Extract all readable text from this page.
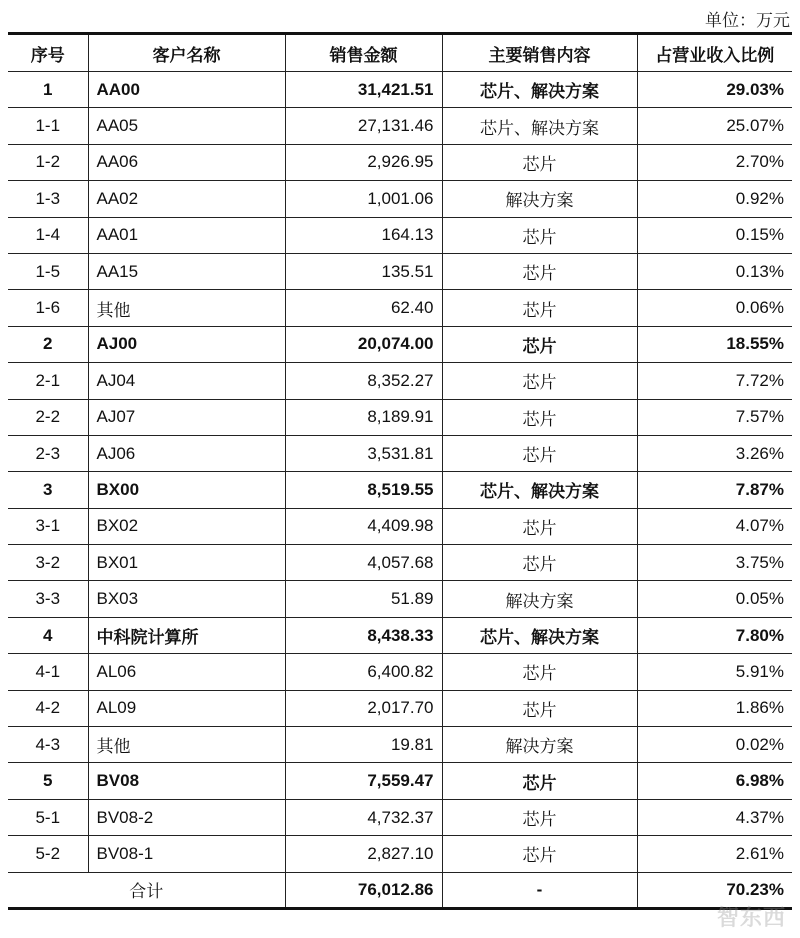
单位：万元
序号	客户名称	销售金额	主要销售内容	占营业收入比例
1	AA00	31,421.51	芯片、解决方案	29.03%
1-1	AA05	27,131.46	芯片、解决方案	25.07%
1-2	AA06	2,926.95	芯片	2.70%
1-3	AA02	1,001.06	解决方案	0.92%
1-4	AA01	164.13	芯片	0.15%
1-5	AA15	135.51	芯片	0.13%
1-6	其他	62.40	芯片	0.06%
2	AJ00	20,074.00	芯片	18.55%
2-1	AJ04	8,352.27	芯片	7.72%
2-2	AJ07	8,189.91	芯片	7.57%
2-3	AJ06	3,531.81	芯片	3.26%
3	BX00	8,519.55	芯片、解决方案	7.87%
3-1	BX02	4,409.98	芯片	4.07%
3-2	BX01	4,057.68	芯片	3.75%
3-3	BX03	51.89	解决方案	0.05%
4	中科院计算所	8,438.33	芯片、解决方案	7.80%
4-1	AL06	6,400.82	芯片	5.91%
4-2	AL09	2,017.70	芯片	1.86%
4-3	其他	19.81	解决方案	0.02%
5	BV08	7,559.47	芯片	6.98%
5-1	BV08-2	4,732.37	芯片	4.37%
5-2	BV08-1	2,827.10	芯片	2.61%
合计		76,012.86	-	70.23%
智东西
